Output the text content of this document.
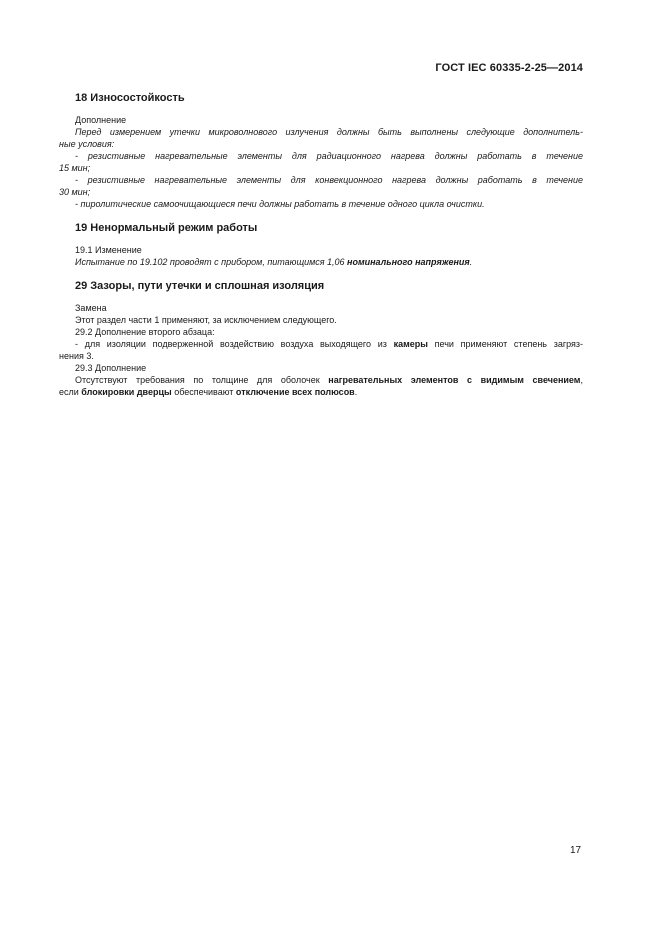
ГОСТ IEC 60335-2-25—2014
18 Износостойкость

Дополнение

Перед измерением утечки микроволнового излучения должны быть выполнены следующие дополнитель-

ные условия:

- резистивные нагревательные элементы для радиационного нагрева должны работать в течение

15 мин;

- резистивные нагревательные элементы для конвекционного нагрева должны работать в течение

30 мин;

- пиролитические самоочищающиеся печи должны работать в течение одного цикла очистки.

19 Ненормальный режим работы

19.1 Изменение

Испытание по 19.102 проводят с прибором, питающимся 1,06 номинального напряжения.

29 Зазоры, пути утечки и сплошная изоляция

Замена

Этот раздел части 1 применяют, за исключением следующего.

29.2 Дополнение второго абзаца:

- для изоляции подверженной воздействию воздуха выходящего из камеры печи применяют степень загряз-

нения 3.

29.3 Дополнение

Отсутствуют требования по толщине для оболочек нагревательных элементов с видимым свечением,

если блокировки дверцы обеспечивают отключение всех полюсов.

17
